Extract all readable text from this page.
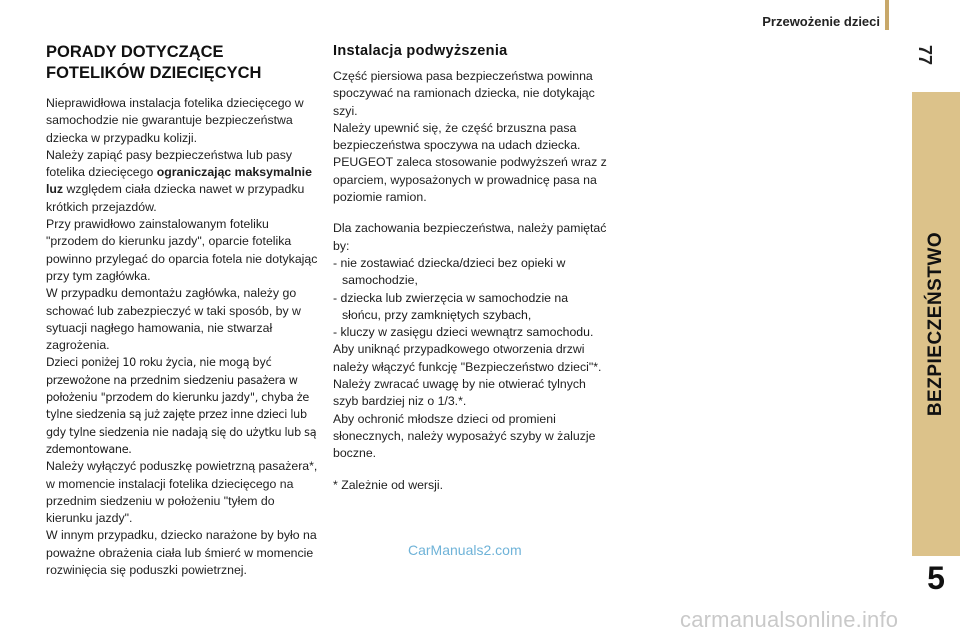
Przewożenie dzieci
77
BEZPIECZEŃSTWO
5
PORADY DOTYCZĄCE FOTELIKÓW DZIECIĘCYCH

Nieprawidłowa instalacja fotelika dziecięcego w samochodzie nie gwarantuje bezpieczeństwa dziecka w przypadku kolizji.

Należy zapiąć pasy bezpieczeństwa lub pasy fotelika dziecięcego ograniczając maksymalnie luz względem ciała dziecka nawet w przypadku krótkich przejazdów.

Przy prawidłowo zainstalowanym foteliku "przodem do kierunku jazdy", oparcie fotelika powinno przylegać do oparcia fotela nie dotykając przy tym zagłówka.

W przypadku demontażu zagłówka, należy go schować lub zabezpieczyć w taki sposób, by w sytuacji nagłego hamowania, nie stwarzał zagrożenia.

Dzieci poniżej 10 roku życia, nie mogą być przewożone na przednim siedzeniu pasażera w położeniu "przodem do kierunku jazdy", chyba że tylne siedzenia są już zajęte przez inne dzieci lub gdy tylne siedzenia nie nadają się do użytku lub są zdemontowane.

Należy wyłączyć poduszkę powietrzną pasażera*, w momencie instalacji fotelika dziecięcego na przednim siedzeniu w położeniu "tyłem do kierunku jazdy".

W innym przypadku, dziecko narażone by było na poważne obrażenia ciała lub śmierć w momencie rozwinięcia się poduszki powietrznej.

Instalacja podwyższenia

Część piersiowa pasa bezpieczeństwa powinna spoczywać na ramionach dziecka, nie dotykając szyi.

Należy upewnić się, że część brzuszna pasa bezpieczeństwa spoczywa na udach dziecka.

PEUGEOT zaleca stosowanie podwyższeń wraz z oparciem, wyposażonych w prowadnicę pasa na poziomie ramion.

Dla zachowania bezpieczeństwa, należy pamiętać by:

- nie zostawiać dziecka/dzieci bez opieki w samochodzie,
- dziecka lub zwierzęcia w samochodzie na słońcu, przy zamkniętych szybach,
- kluczy w zasięgu dzieci wewnątrz samochodu.

Aby uniknąć przypadkowego otworzenia drzwi należy włączyć funkcję "Bezpieczeństwo dzieci"*.

Należy zwracać uwagę by nie otwierać tylnych szyb bardziej niz o 1/3.*.

Aby ochronić młodsze dzieci od promieni słonecznych, należy wyposażyć szyby w żaluzje boczne.

* Zależnie od wersji.

CarManuals2.com
carmanualsonline.info
